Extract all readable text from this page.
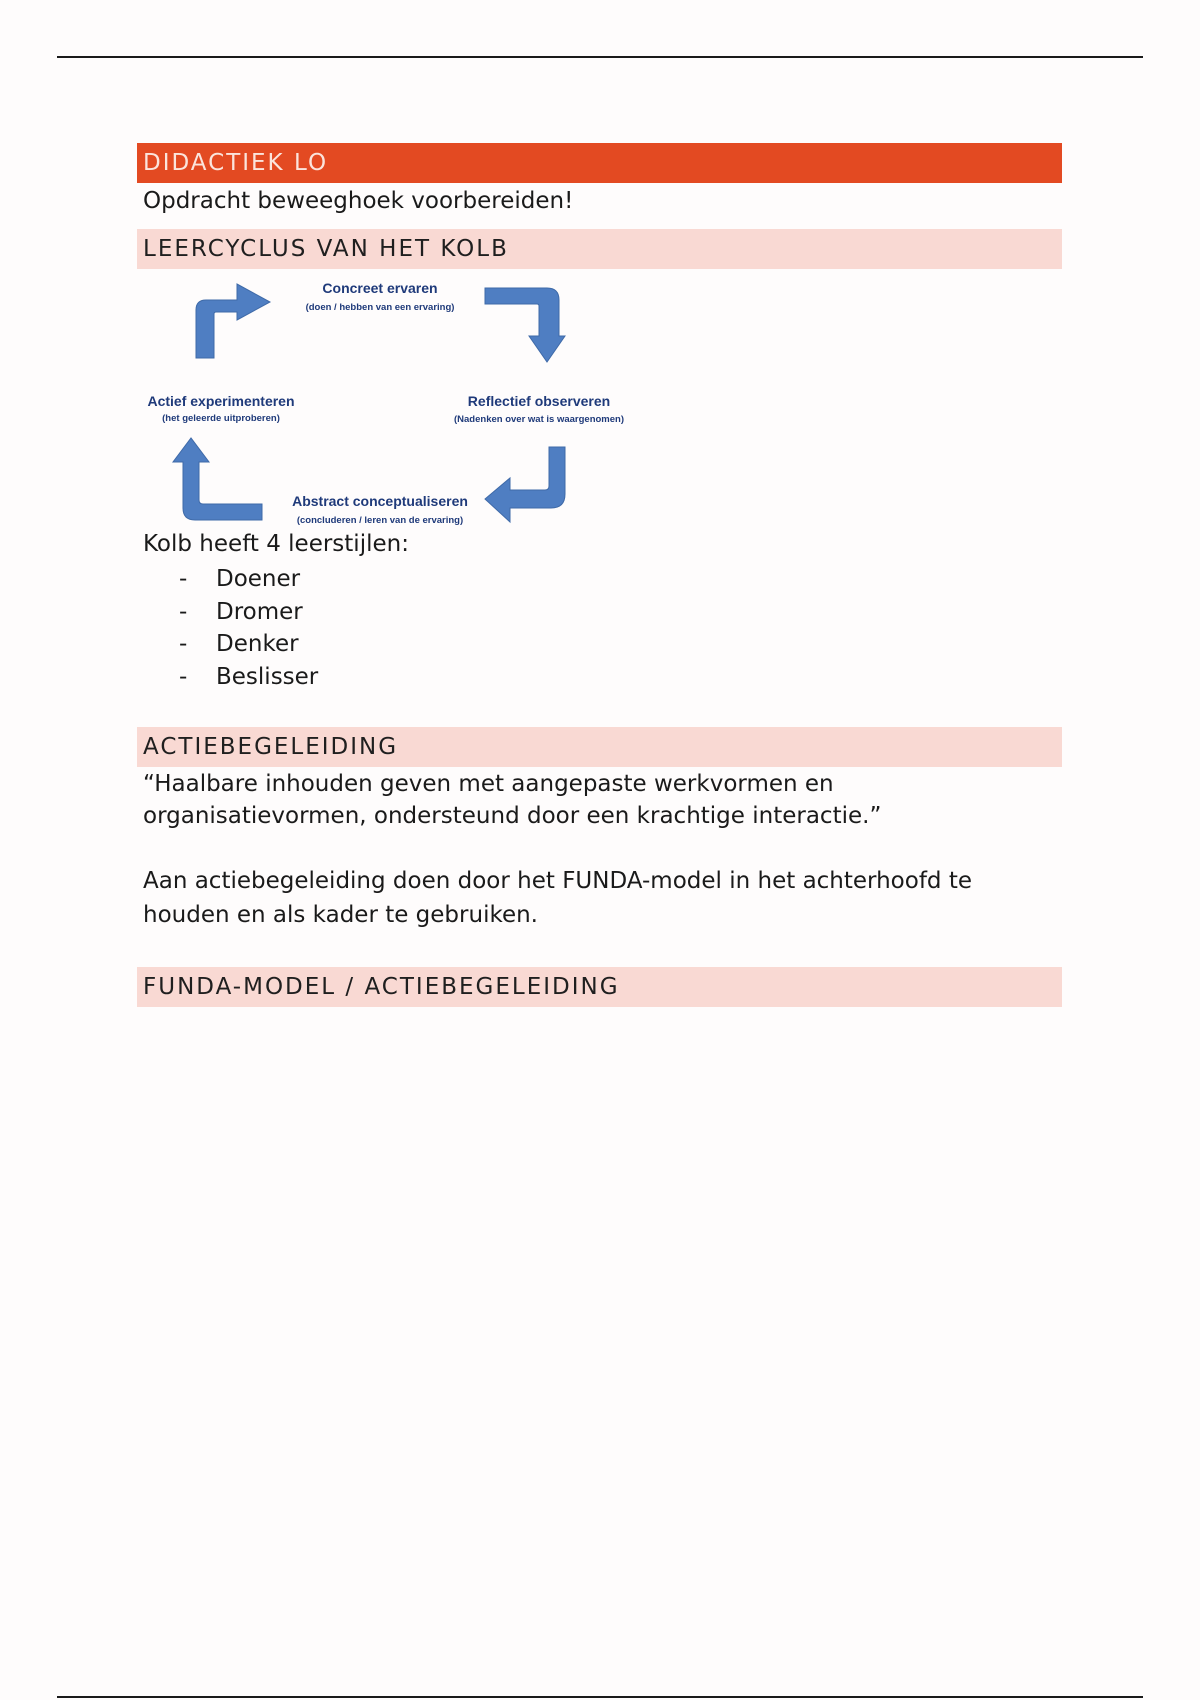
DIDACTIEK LO
Opdracht beweeghoek voorbereiden!
LEERCYCLUS VAN HET KOLB
Concreet ervaren
(doen / hebben van een ervaring)
Reflectief observeren
(Nadenken over wat is waargenomen)
Abstract conceptualiseren
(concluderen / leren van de ervaring)
Actief experimenteren
(het geleerde uitproberen)
Kolb heeft 4 leerstijlen:
- Doener
- Dromer
- Denker
- Beslisser
ACTIEBEGELEIDING
“Haalbare inhouden geven met aangepaste werkvormen en
organisatievormen, ondersteund door een krachtige interactie.”
Aan actiebegeleiding doen door het FUNDA-model in het achterhoofd te
houden en als kader te gebruiken.
FUNDA-MODEL / ACTIEBEGELEIDING
